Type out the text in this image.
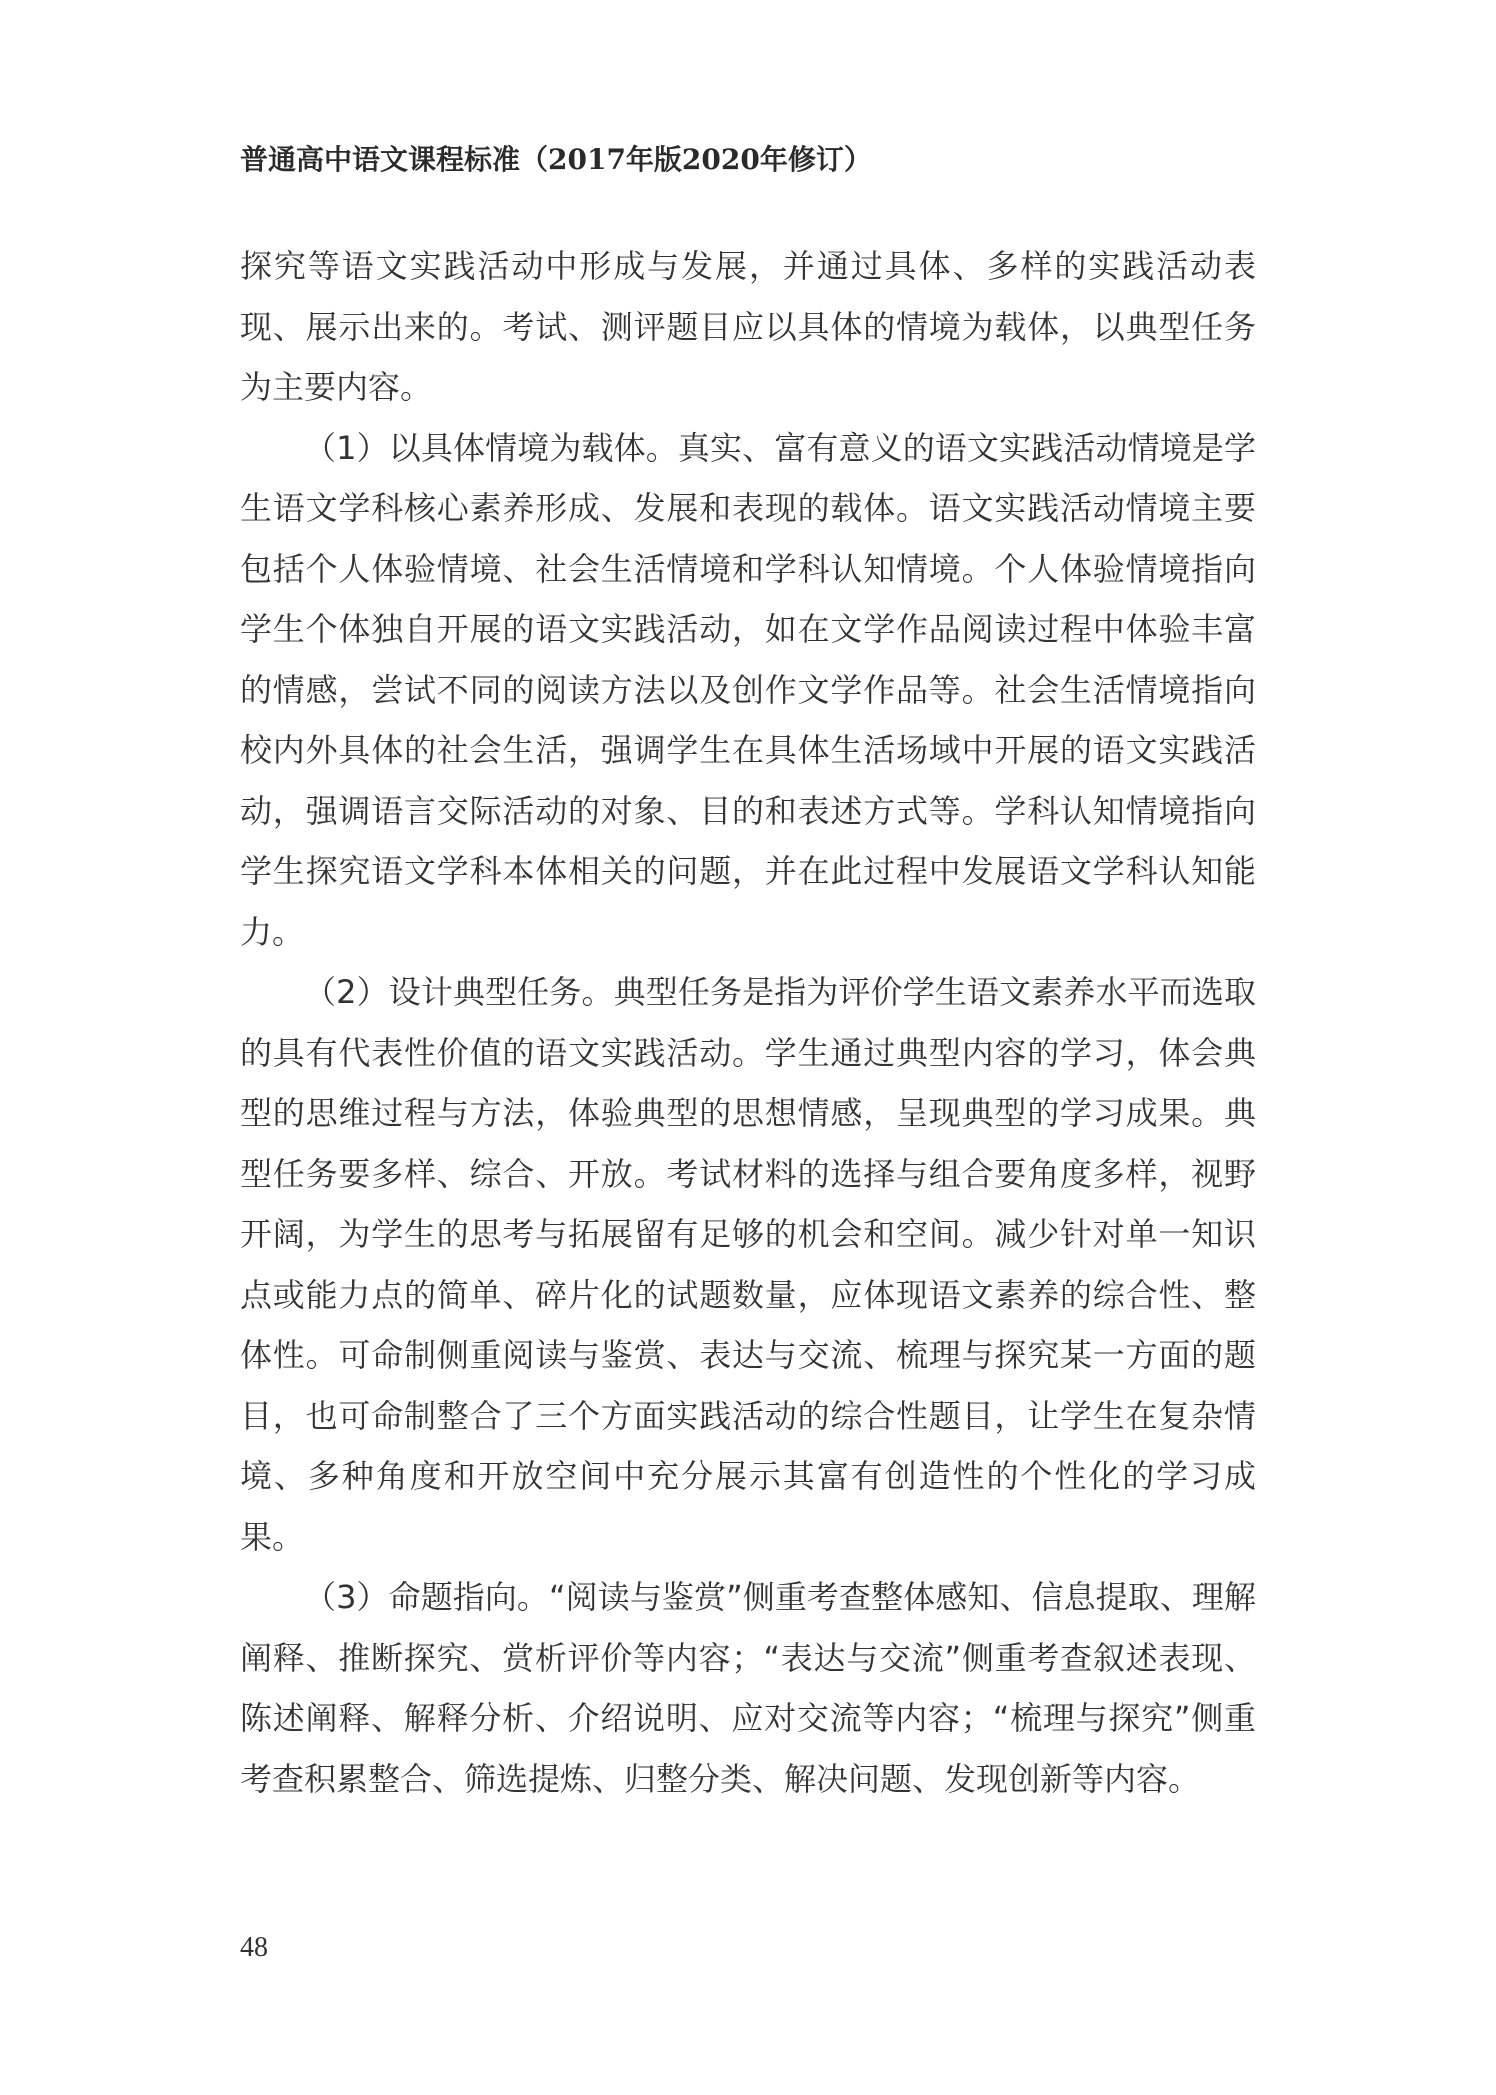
普通高中语文课程标准（2017年版2020年修订）

探究等语文实践活动中形成与发展，并通过具体、多样的实践活动表现、展示出来的。考试、测评题目应以具体的情境为载体，以典型任务为主要内容。

（1）以具体情境为载体。真实、富有意义的语文实践活动情境是学生语文学科核心素养形成、发展和表现的载体。语文实践活动情境主要包括个人体验情境、社会生活情境和学科认知情境。个人体验情境指向学生个体独自开展的语文实践活动，如在文学作品阅读过程中体验丰富的情感，尝试不同的阅读方法以及创作文学作品等。社会生活情境指向校内外具体的社会生活，强调学生在具体生活场域中开展的语文实践活动，强调语言交际活动的对象、目的和表述方式等。学科认知情境指向学生探究语文学科本体相关的问题，并在此过程中发展语文学科认知能力。

（2）设计典型任务。典型任务是指为评价学生语文素养水平而选取的具有代表性价值的语文实践活动。学生通过典型内容的学习，体会典型的思维过程与方法，体验典型的思想情感，呈现典型的学习成果。典型任务要多样、综合、开放。考试材料的选择与组合要角度多样，视野开阔，为学生的思考与拓展留有足够的机会和空间。减少针对单一知识点或能力点的简单、碎片化的试题数量，应体现语文素养的综合性、整体性。可命制侧重阅读与鉴赏、表达与交流、梳理与探究某一方面的题目，也可命制整合了三个方面实践活动的综合性题目，让学生在复杂情境、多种角度和开放空间中充分展示其富有创造性的个性化的学习成果。

（3）命题指向。“阅读与鉴赏”侧重考查整体感知、信息提取、理解阐释、推断探究、赏析评价等内容；“表达与交流”侧重考查叙述表现、陈述阐释、解释分析、介绍说明、应对交流等内容；“梳理与探究”侧重考查积累整合、筛选提炼、归整分类、解决问题、发现创新等内容。

48
